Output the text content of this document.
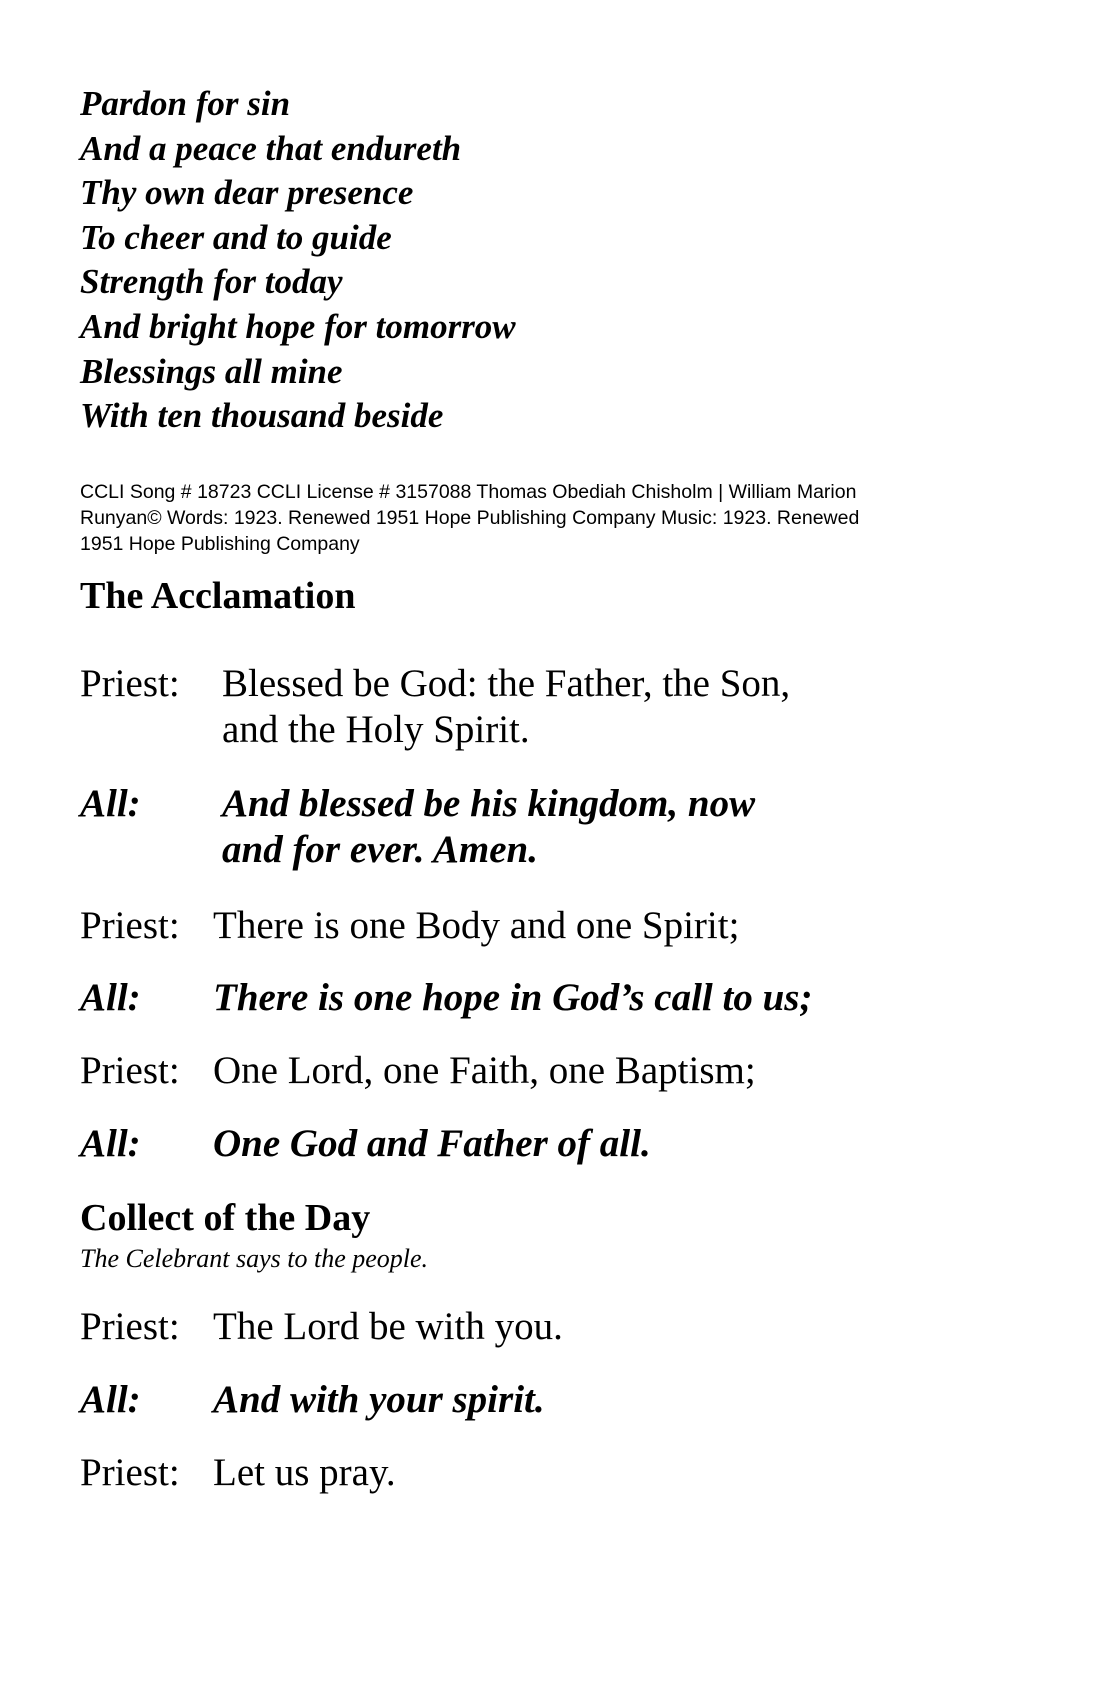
Pardon for sin
And a peace that endureth
Thy own dear presence
To cheer and to guide
Strength for today
And bright hope for tomorrow
Blessings all mine
With ten thousand beside
CCLI Song # 18723 CCLI License # 3157088 Thomas Obediah Chisholm | William Marion
Runyan© Words: 1923. Renewed 1951 Hope Publishing Company Music: 1923. Renewed
1951 Hope Publishing Company
The Acclamation
Priest: Blessed be God: the Father, the Son,
and the Holy Spirit.
All: And blessed be his kingdom, now
and for ever. Amen.
Priest: There is one Body and one Spirit;
All: There is one hope in God’s call to us;
Priest: One Lord, one Faith, one Baptism;
All: One God and Father of all.
Collect of the Day
The Celebrant says to the people.
Priest: The Lord be with you.
All: And with your spirit.
Priest: Let us pray.
